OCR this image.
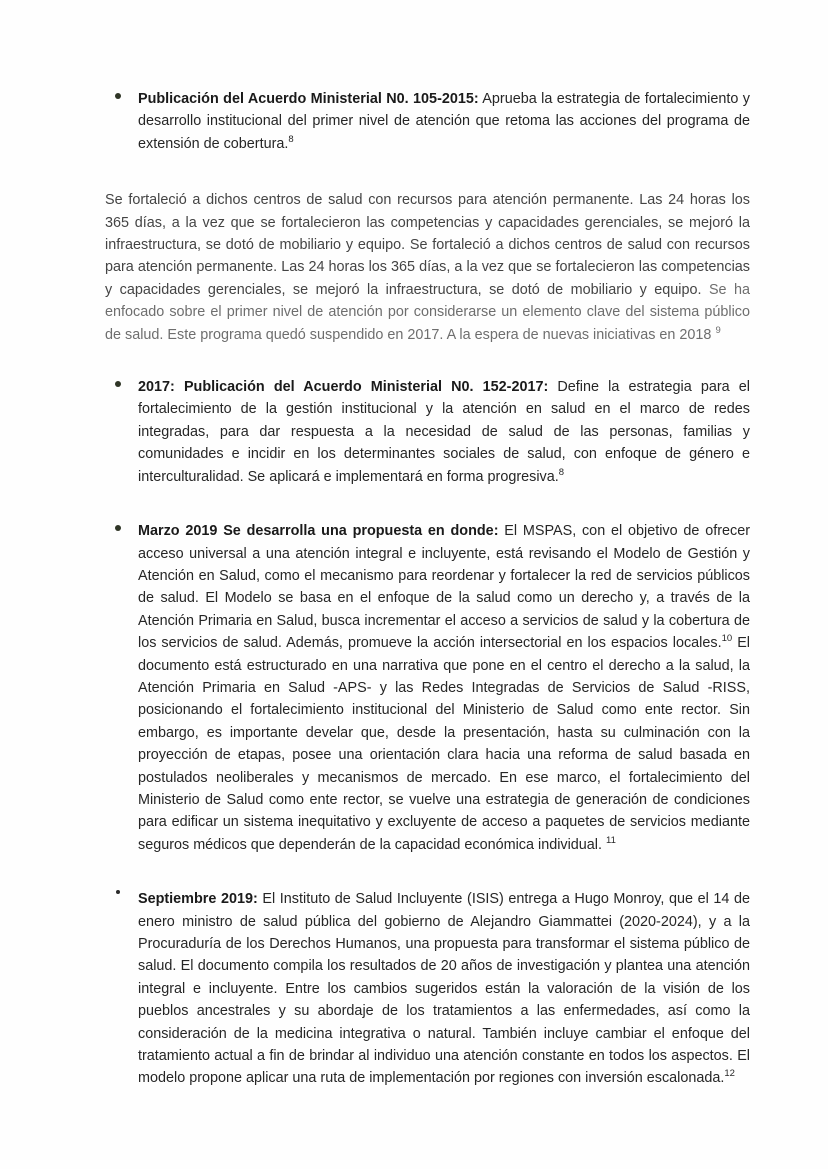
Publicación del Acuerdo Ministerial N0. 105-2015: Aprueba la estrategia de fortalecimiento y desarrollo institucional del primer nivel de atención que retoma las acciones del programa de extensión de cobertura.$^8$

Se fortaleció a dichos centros de salud con recursos para atención permanente. Las 24 horas los 365 días, a la vez que se fortalecieron las competencias y capacidades gerenciales, se mejoró la infraestructura, se dotó de mobiliario y equipo. Se fortaleció a dichos centros de salud con recursos para atención permanente. Las 24 horas los 365 días, a la vez que se fortalecieron las competencias y capacidades gerenciales, se mejoró la infraestructura, se dotó de mobiliario y equipo. Se ha enfocado sobre el primer nivel de atención por considerarse un elemento clave del sistema público de salud. Este programa quedó suspendido en 2017. A la espera de nuevas iniciativas en 2018 $^9$

2017: Publicación del Acuerdo Ministerial N0. 152-2017: Define la estrategia para el fortalecimiento de la gestión institucional y la atención en salud en el marco de redes integradas, para dar respuesta a la necesidad de salud de las personas, familias y comunidades e incidir en los determinantes sociales de salud, con enfoque de género e interculturalidad. Se aplicará e implementará en forma progresiva.$^8$

Marzo 2019 Se desarrolla una propuesta en donde: El MSPAS, con el objetivo de ofrecer acceso universal a una atención integral e incluyente, está revisando el Modelo de Gestión y Atención en Salud, como el mecanismo para reordenar y fortalecer la red de servicios públicos de salud. El Modelo se basa en el enfoque de la salud como un derecho y, a través de la Atención Primaria en Salud, busca incrementar el acceso a servicios de salud y la cobertura de los servicios de salud. Además, promueve la acción intersectorial en los espacios locales.$^{10}$ El documento está estructurado en una narrativa que pone en el centro el derecho a la salud, la Atención Primaria en Salud -APS- y las Redes Integradas de Servicios de Salud -RISS, posicionando el fortalecimiento institucional del Ministerio de Salud como ente rector. Sin embargo, es importante develar que, desde la presentación, hasta su culminación con la proyección de etapas, posee una orientación clara hacia una reforma de salud basada en postulados neoliberales y mecanismos de mercado. En ese marco, el fortalecimiento del Ministerio de Salud como ente rector, se vuelve una estrategia de generación de condiciones para edificar un sistema inequitativo y excluyente de acceso a paquetes de servicios mediante seguros médicos que dependerán de la capacidad económica individual. $^{11}$

Septiembre 2019: El Instituto de Salud Incluyente (ISIS) entrega a Hugo Monroy, que el 14 de enero ministro de salud pública del gobierno de Alejandro Giammattei (2020-2024), y a la Procuraduría de los Derechos Humanos, una propuesta para transformar el sistema público de salud. El documento compila los resultados de 20 años de investigación y plantea una atención integral e incluyente. Entre los cambios sugeridos están la valoración de la visión de los pueblos ancestrales y su abordaje de los tratamientos a las enfermedades, así como la consideración de la medicina integrativa o natural. También incluye cambiar el enfoque del tratamiento actual a fin de brindar al individuo una atención constante en todos los aspectos. El modelo propone aplicar una ruta de implementación por regiones con inversión escalonada.$^{12}$
